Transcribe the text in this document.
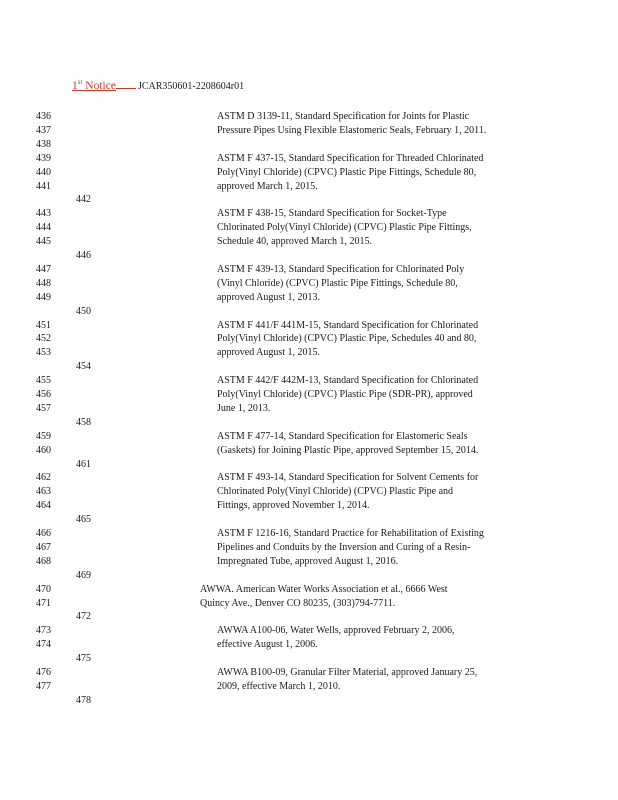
1st Notice JCAR350601-2208604r01
436	ASTM D 3139-11, Standard Specification for Joints for Plastic
437	Pressure Pipes Using Flexible Elastomeric Seals, February 1, 2011.
438
439	ASTM F 437-15, Standard Specification for Threaded Chlorinated
440	Poly(Vinyl Chloride) (CPVC) Plastic Pipe Fittings, Schedule 80,
441	approved March 1, 2015.
442
443	ASTM F 438-15, Standard Specification for Socket-Type
444	Chlorinated Poly(Vinyl Chloride) (CPVC) Plastic Pipe Fittings,
445	Schedule 40, approved March 1, 2015.
446
447	ASTM F 439-13, Standard Specification for Chlorinated Poly
448	(Vinyl Chloride) (CPVC) Plastic Pipe Fittings, Schedule 80,
449	approved August 1, 2013.
450
451	ASTM F 441/F 441M-15, Standard Specification for Chlorinated
452	Poly(Vinyl Chloride) (CPVC) Plastic Pipe, Schedules 40 and 80,
453	approved August 1, 2015.
454
455	ASTM F 442/F 442M-13, Standard Specification for Chlorinated
456	Poly(Vinyl Chloride) (CPVC) Plastic Pipe (SDR-PR), approved
457	June 1, 2013.
458
459	ASTM F 477-14, Standard Specification for Elastomeric Seals
460	(Gaskets) for Joining Plastic Pipe, approved September 15, 2014.
461
462	ASTM F 493-14, Standard Specification for Solvent Cements for
463	Chlorinated Poly(Vinyl Chloride) (CPVC) Plastic Pipe and
464	Fittings, approved November 1, 2014.
465
466	ASTM F 1216-16, Standard Practice for Rehabilitation of Existing
467	Pipelines and Conduits by the Inversion and Curing of a Resin-
468	Impregnated Tube, approved August 1, 2016.
469
470	AWWA. American Water Works Association et al., 6666 West
471	Quincy Ave., Denver CO 80235, (303)794-7711.
472
473	AWWA A100-06, Water Wells, approved February 2, 2006,
474	effective August 1, 2006.
475
476	AWWA B100-09, Granular Filter Material, approved January 25,
477	2009, effective March 1, 2010.
478
